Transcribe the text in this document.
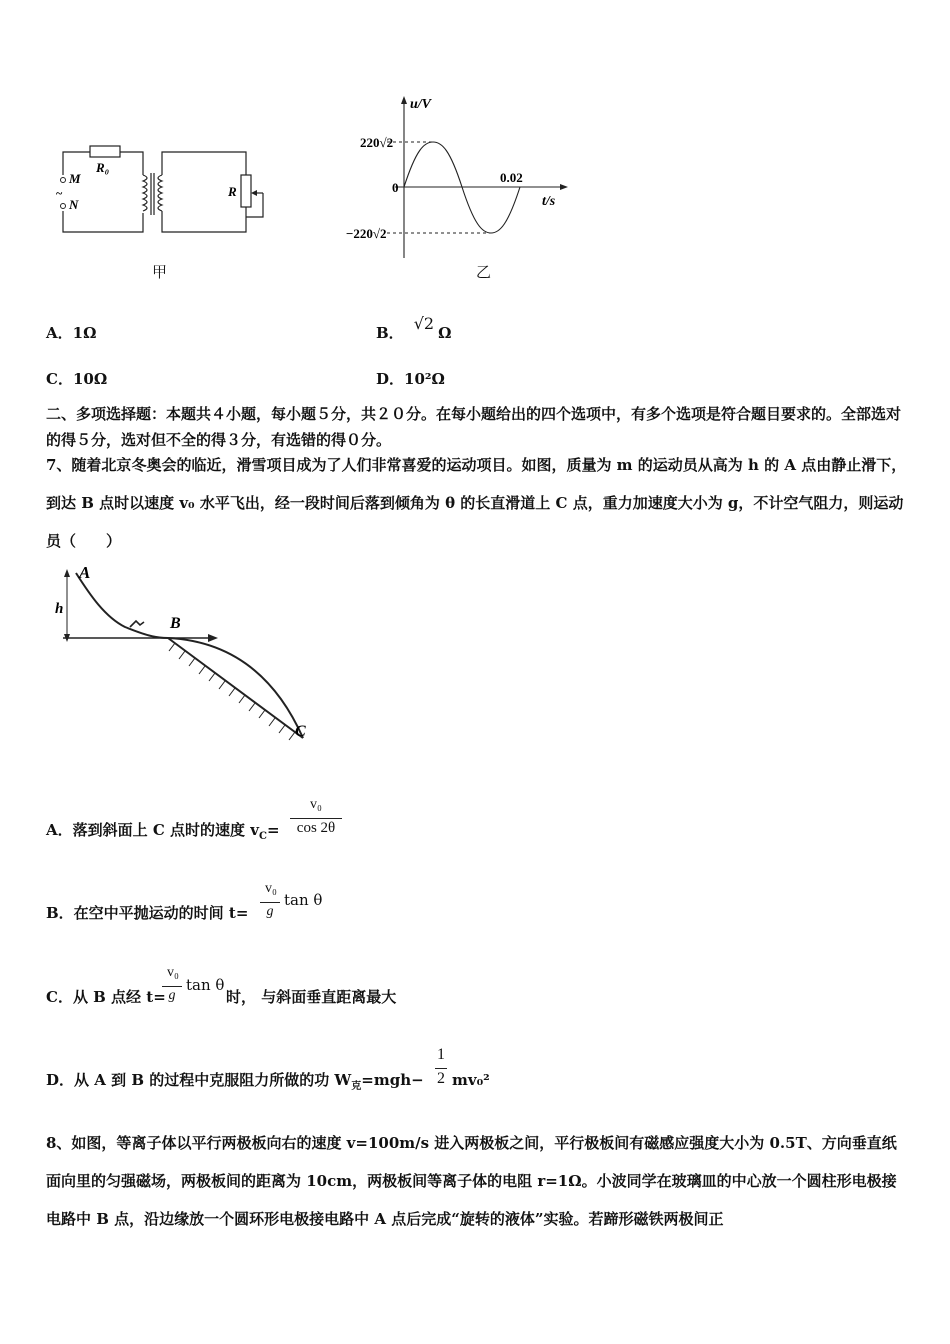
R₀
M
~
N
R
甲
u/V
220√2
0
0.02
t/s
−220√2
乙
A．1Ω	B． √2 Ω
C．10Ω	D．10²Ω
二、多项选择题：本题共４小题，每小题５分，共２０分。在每小题给出的四个选项中，有多个选项是符合题目要求的。全部选对的得５分，选对但不全的得３分，有选错的得０分。
7、随着北京冬奥会的临近，滑雪项目成为了人们非常喜爱的运动项目。如图，质量为 m 的运动员从高为 h 的 A 点由静止滑下，到达 B 点时以速度 v₀ 水平飞出，经一段时间后落到倾角为 θ 的长直滑道上 C 点，重力加速度大小为 g，不计空气阻力，则运动员（　　）
A
h
B
C
A．落到斜面上 C 点时的速度 $v_C=$
v₀
cos 2θ
B．在空中平抛运动的时间 t=
v₀
g
tan θ
C．从 B 点经 t=
v₀
g
tan θ
时， 与斜面垂直距离最大
D．从 A 到 B 的过程中克服阻力所做的功 $W_克=mgh-$
1
2 mv₀²
8、如图，等离子体以平行两极板向右的速度 v=100m/s 进入两极板之间，平行极板间有磁感应强度大小为 0.5T、方向垂直纸面向里的匀强磁场，两极板间的距离为 10cm，两极板间等离子体的电阻 r=1Ω。小波同学在玻璃皿的中心放一个圆柱形电极接电路中 B 点，沿边缘放一个圆环形电极接电路中 A 点后完成“旋转的液体”实验。若蹄形磁铁两极间正
